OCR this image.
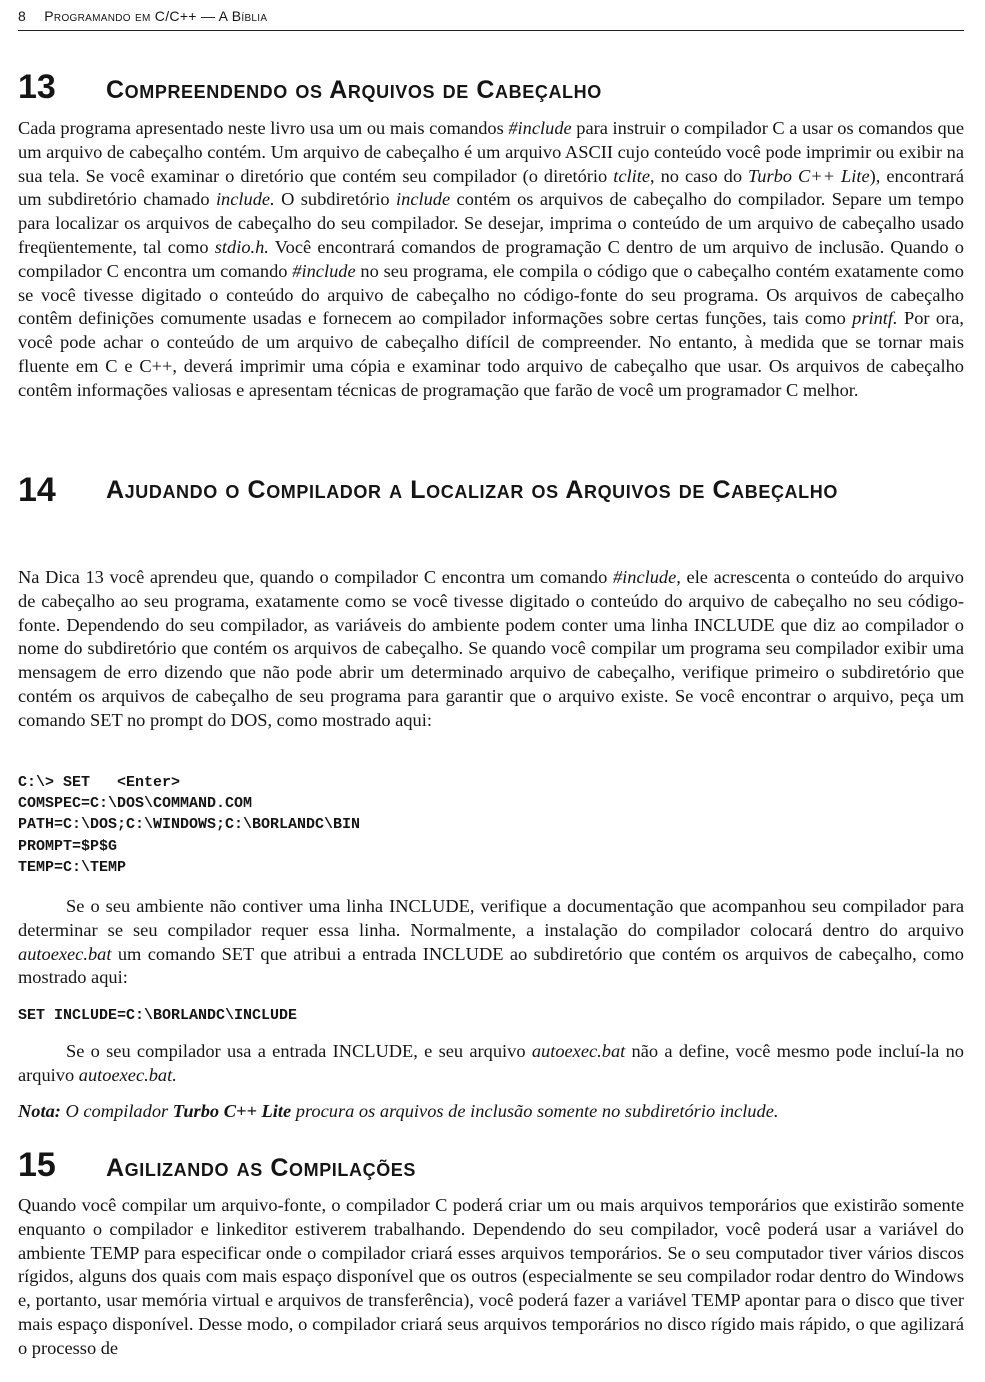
8 Programando em C/C++ — A Bíblia
13	Compreendendo os Arquivos de Cabeçalho

Cada programa apresentado neste livro usa um ou mais comandos #include para instruir o compilador C a usar os comandos que um arquivo de cabeçalho contém. Um arquivo de cabeçalho é um arquivo ASCII cujo conteúdo você pode imprimir ou exibir na sua tela. Se você examinar o diretório que contém seu compilador (o diretório tclite, no caso do Turbo C++ Lite), encontrará um subdiretório chamado include. O subdiretório include contém os arquivos de cabeçalho do compilador. Separe um tempo para localizar os arquivos de cabeçalho do seu compilador. Se desejar, imprima o conteúdo de um arquivo de cabeçalho usado freqüentemente, tal como stdio.h. Você encontrará comandos de programação C dentro de um arquivo de inclusão. Quando o compilador C encontra um comando #include no seu programa, ele compila o código que o cabeçalho contém exatamente como se você tivesse digitado o conteúdo do arquivo de cabeçalho no código-fonte do seu programa. Os arquivos de cabeçalho contêm definições comumente usadas e fornecem ao compilador informações sobre certas funções, tais como printf. Por ora, você pode achar o conteúdo de um arquivo de cabeçalho difícil de compreender. No entanto, à medida que se tornar mais fluente em C e C++, deverá imprimir uma cópia e examinar todo arquivo de cabeçalho que usar. Os arquivos de cabeçalho contêm informações valiosas e apresentam técnicas de programação que farão de você um programador C melhor.

14	Ajudando o Compilador a Localizar os Arquivos de Cabeçalho

Na Dica 13 você aprendeu que, quando o compilador C encontra um comando #include, ele acrescenta o conteúdo do arquivo de cabeçalho ao seu programa, exatamente como se você tivesse digitado o conteúdo do arquivo de cabeçalho no seu código-fonte. Dependendo do seu compilador, as variáveis do ambiente podem conter uma linha INCLUDE que diz ao compilador o nome do subdiretório que contém os arquivos de cabeçalho. Se quando você compilar um programa seu compilador exibir uma mensagem de erro dizendo que não pode abrir um determinado arquivo de cabeçalho, verifique primeiro o subdiretório que contém os arquivos de cabeçalho de seu programa para garantir que o arquivo existe. Se você encontrar o arquivo, peça um comando SET no prompt do DOS, como mostrado aqui:

C:\> SET   <Enter>
COMSPEC=C:\DOS\COMMAND.COM
PATH=C:\DOS;C:\WINDOWS;C:\BORLANDC\BIN
PROMPT=$P$G
TEMP=C:\TEMP

Se o seu ambiente não contiver uma linha INCLUDE, verifique a documentação que acompanhou seu compilador para determinar se seu compilador requer essa linha. Normalmente, a instalação do compilador colocará dentro do arquivo autoexec.bat um comando SET que atribui a entrada INCLUDE ao subdiretório que contém os arquivos de cabeçalho, como mostrado aqui:

SET INCLUDE=C:\BORLANDC\INCLUDE

Se o seu compilador usa a entrada INCLUDE, e seu arquivo autoexec.bat não a define, você mesmo pode incluí-la no arquivo autoexec.bat.

Nota: O compilador Turbo C++ Lite procura os arquivos de inclusão somente no subdiretório include.

15	Agilizando as Compilações

Quando você compilar um arquivo-fonte, o compilador C poderá criar um ou mais arquivos temporários que existirão somente enquanto o compilador e linkeditor estiverem trabalhando. Dependendo do seu compilador, você poderá usar a variável do ambiente TEMP para especificar onde o compilador criará esses arquivos temporários. Se o seu computador tiver vários discos rígidos, alguns dos quais com mais espaço disponível que os outros (especialmente se seu compilador rodar dentro do Windows e, portanto, usar memória virtual e arquivos de transferência), você poderá fazer a variável TEMP apontar para o disco que tiver mais espaço disponível. Desse modo, o compilador criará seus arquivos temporários no disco rígido mais rápido, o que agilizará o processo de
